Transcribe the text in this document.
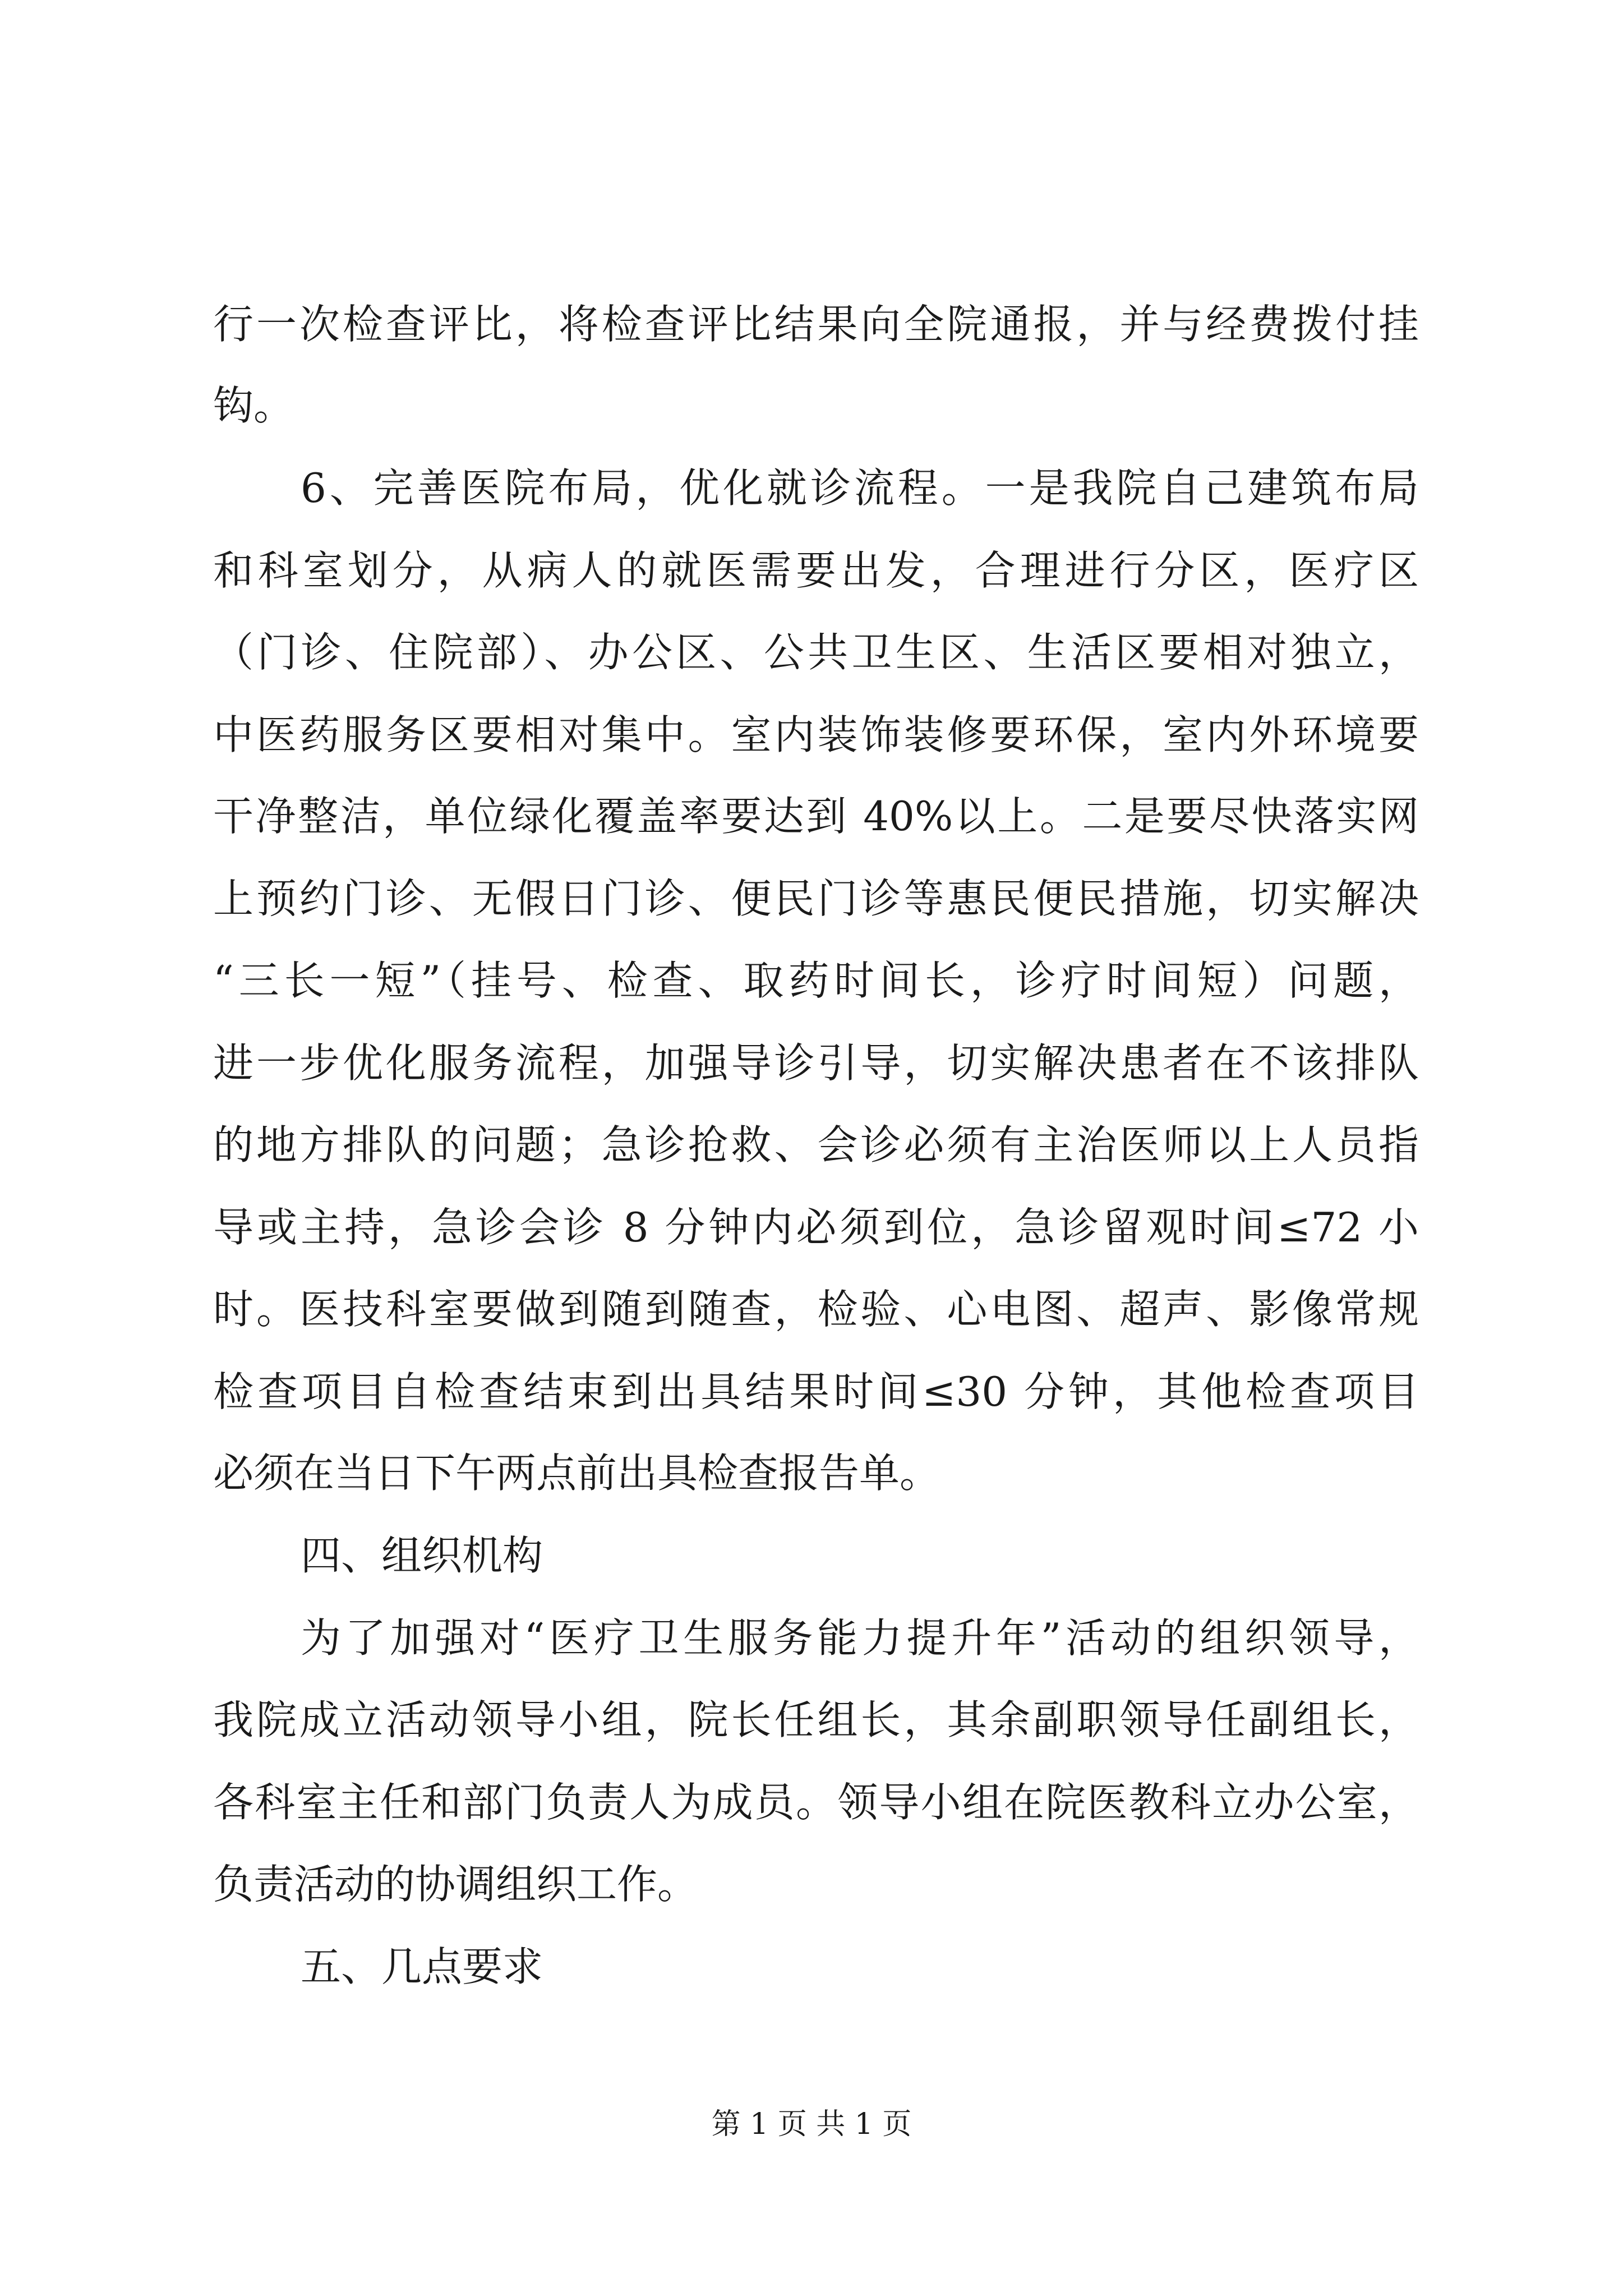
行一次检查评比，将检查评比结果向全院通报，并与经费拨付挂
钩。
6、完善医院布局，优化就诊流程。一是我院自己建筑布局
和科室划分，从病人的就医需要出发，合理进行分区，医疗区
（门诊、住院部）、办公区、公共卫生区、生活区要相对独立，
中医药服务区要相对集中。室内装饰装修要环保，室内外环境要
干净整洁，单位绿化覆盖率要达到 40%以上。二是要尽快落实网
上预约门诊、无假日门诊、便民门诊等惠民便民措施，切实解决
“三长一短”（挂号、检查、取药时间长，诊疗时间短）问题，
进一步优化服务流程，加强导诊引导，切实解决患者在不该排队
的地方排队的问题；急诊抢救、会诊必须有主治医师以上人员指
导或主持，急诊会诊 8 分钟内必须到位，急诊留观时间≤72 小
时。医技科室要做到随到随查，检验、心电图、超声、影像常规
检查项目自检查结束到出具结果时间≤30 分钟，其他检查项目
必须在当日下午两点前出具检查报告单。
四、组织机构
为了加强对“医疗卫生服务能力提升年”活动的组织领导，
我院成立活动领导小组，院长任组长，其余副职领导任副组长，
各科室主任和部门负责人为成员。领导小组在院医教科立办公室，
负责活动的协调组织工作。
五、几点要求
第 1 页 共 1 页
